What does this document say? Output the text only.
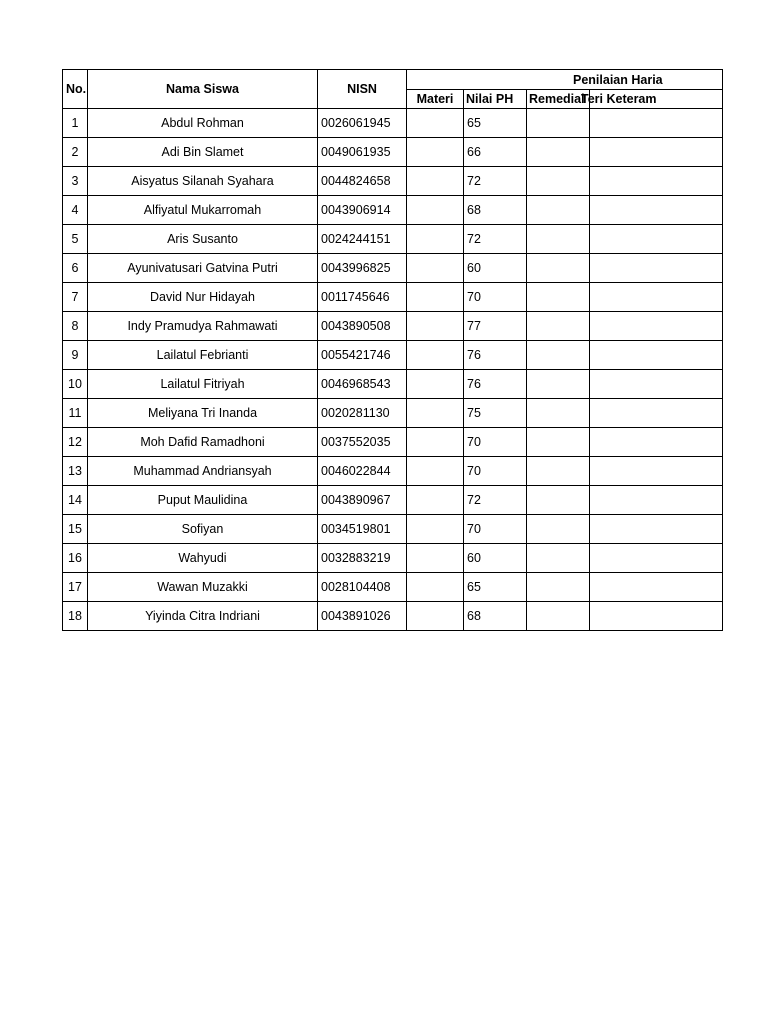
No.	Nama Siswa	NISN	Penilaian Haria			
			Materi	Nilai PH	Remedial	Teri Keteram
1	Abdul Rohman	0026061945		65		
2	Adi Bin Slamet	0049061935		66		
3	Aisyatus Silanah Syahara	0044824658		72		
4	Alfiyatul Mukarromah	0043906914		68		
5	Aris Susanto	0024244151		72		
6	Ayunivatusari Gatvina Putri	0043996825		60		
7	David Nur Hidayah	0011745646		70		
8	Indy Pramudya Rahmawati	0043890508		77		
9	Lailatul Febrianti	0055421746		76		
10	Lailatul Fitriyah	0046968543		76		
11	Meliyana Tri Inanda	0020281130		75		
12	Moh Dafid Ramadhoni	0037552035		70		
13	Muhammad Andriansyah	0046022844		70		
14	Puput Maulidina	0043890967		72		
15	Sofiyan	0034519801		70		
16	Wahyudi	0032883219		60		
17	Wawan Muzakki	0028104408		65		
18	Yiyinda Citra Indriani	0043891026		68		
